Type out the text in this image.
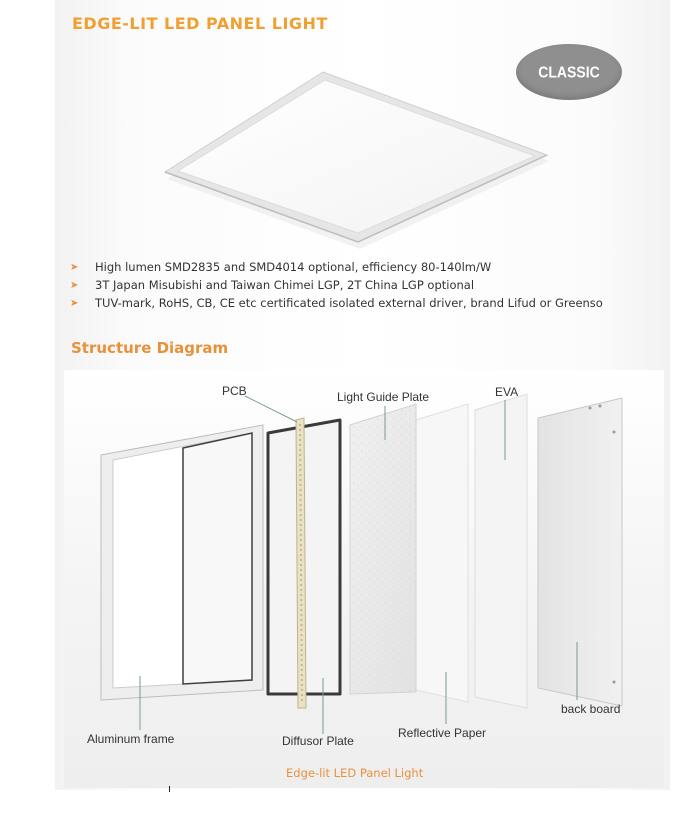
EDGE-LIT LED PANEL LIGHT
CLASSIC
➤	High lumen SMD2835 and SMD4014 optional, efficiency 80-140lm/W
➤	3T Japan Misubishi and Taiwan Chimei LGP, 2T China LGP optional
➤	TUV-mark, RoHS, CB, CE etc certificated isolated external driver, brand Lifud or Greenso
Structure Diagram
PCB	Light Guide Plate	EVA
Aluminum frame	Diffusor Plate
Reflective Paper
back board
Edge-lit LED Panel Light
